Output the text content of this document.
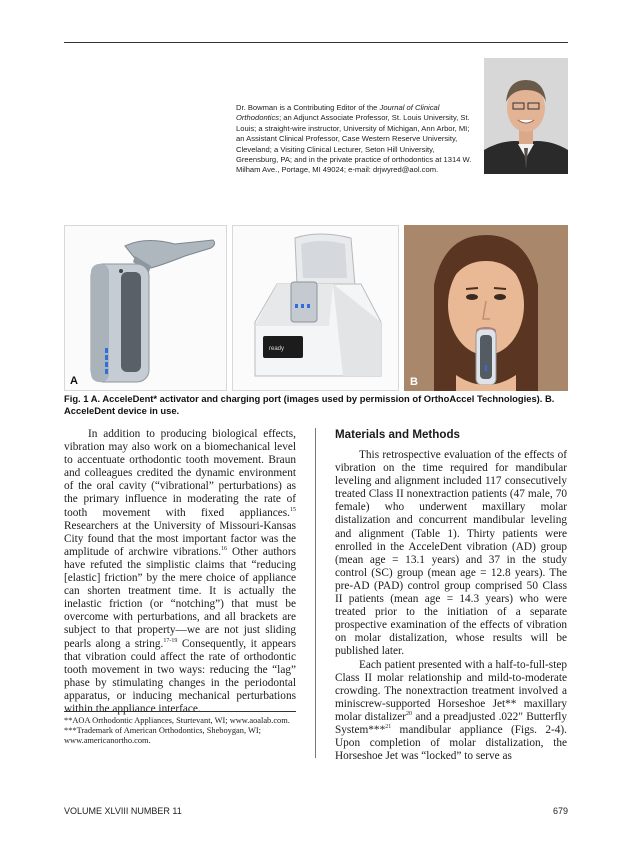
Dr. Bowman is a Contributing Editor of the Journal of Clinical Orthodontics; an Adjunct Associate Professor, St. Louis University, St. Louis; a straight-wire instructor, University of Michigan, Ann Arbor, MI; an Assistant Clinical Professor, Case Western Reserve University, Cleveland; a Visiting Clinical Lecturer, Seton Hill University, Greensburg, PA; and in the private practice of orthodontics at 1314 W. Milham Ave., Portage, MI 49024; e-mail: drjwyred@aol.com.
A
ready
B
Fig. 1 A. AcceleDent* activator and charging port (images used by permission of OrthoAccel Technologies). B. AcceleDent device in use.

In addition to producing biological effects, vibration may also work on a biomechanical level to accentuate orthodontic tooth movement. Braun and colleagues credited the dynamic environment of the oral cavity (“vibrational” perturbations) as the primary influence in moderating the rate of tooth movement with fixed appliances.$^{15}$ Researchers at the University of Missouri-Kansas City found that the most important factor was the amplitude of archwire vibrations.$^{16}$ Other authors have refuted the simplistic claims that “reducing [elastic] friction” by the mere choice of appliance can shorten treatment time. It is actually the inelastic friction (or “notching”) that must be overcome with perturbations, and all brackets are subject to that property—we are not just sliding pearls along a string.$^{17-19}$ Consequently, it appears that vibration could affect the rate of orthodontic tooth movement in two ways: reducing the “lag” phase by stimulating changes in the periodontal apparatus, or inducing mechanical perturbations within the appliance interface.

**AOA Orthodontic Appliances, Sturtevant, WI; www.aoalab.com.

***Trademark of American Orthodontics, Sheboygan, WI; www.americanortho.com.

Materials and Methods

This retrospective evaluation of the effects of vibration on the time required for mandibular leveling and alignment included 117 consecutively treated Class II nonextraction patients (47 male, 70 female) who underwent maxillary molar distalization and concurrent mandibular leveling and alignment (Table 1). Thirty patients were enrolled in the AcceleDent vibration (AD) group (mean age = 13.1 years) and 37 in the study control (SC) group (mean age = 12.8 years). The pre-AD (PAD) control group comprised 50 Class II patients (mean age = 14.3 years) who were treated prior to the initiation of a separate prospective examination of the effects of vibration on molar distalization, whose results will be published later.

Each patient presented with a half-to-full-step Class II molar relationship and mild-to-moderate crowding. The nonextraction treatment involved a miniscrew-supported Horseshoe Jet** maxillary molar distalizer$^{20}$ and a preadjusted .022" Butterfly System***$^{21}$ mandibular appliance (Figs. 2-4). Upon completion of molar distalization, the Horseshoe Jet was “locked” to serve as

VOLUME XLVIII NUMBER 11	679
